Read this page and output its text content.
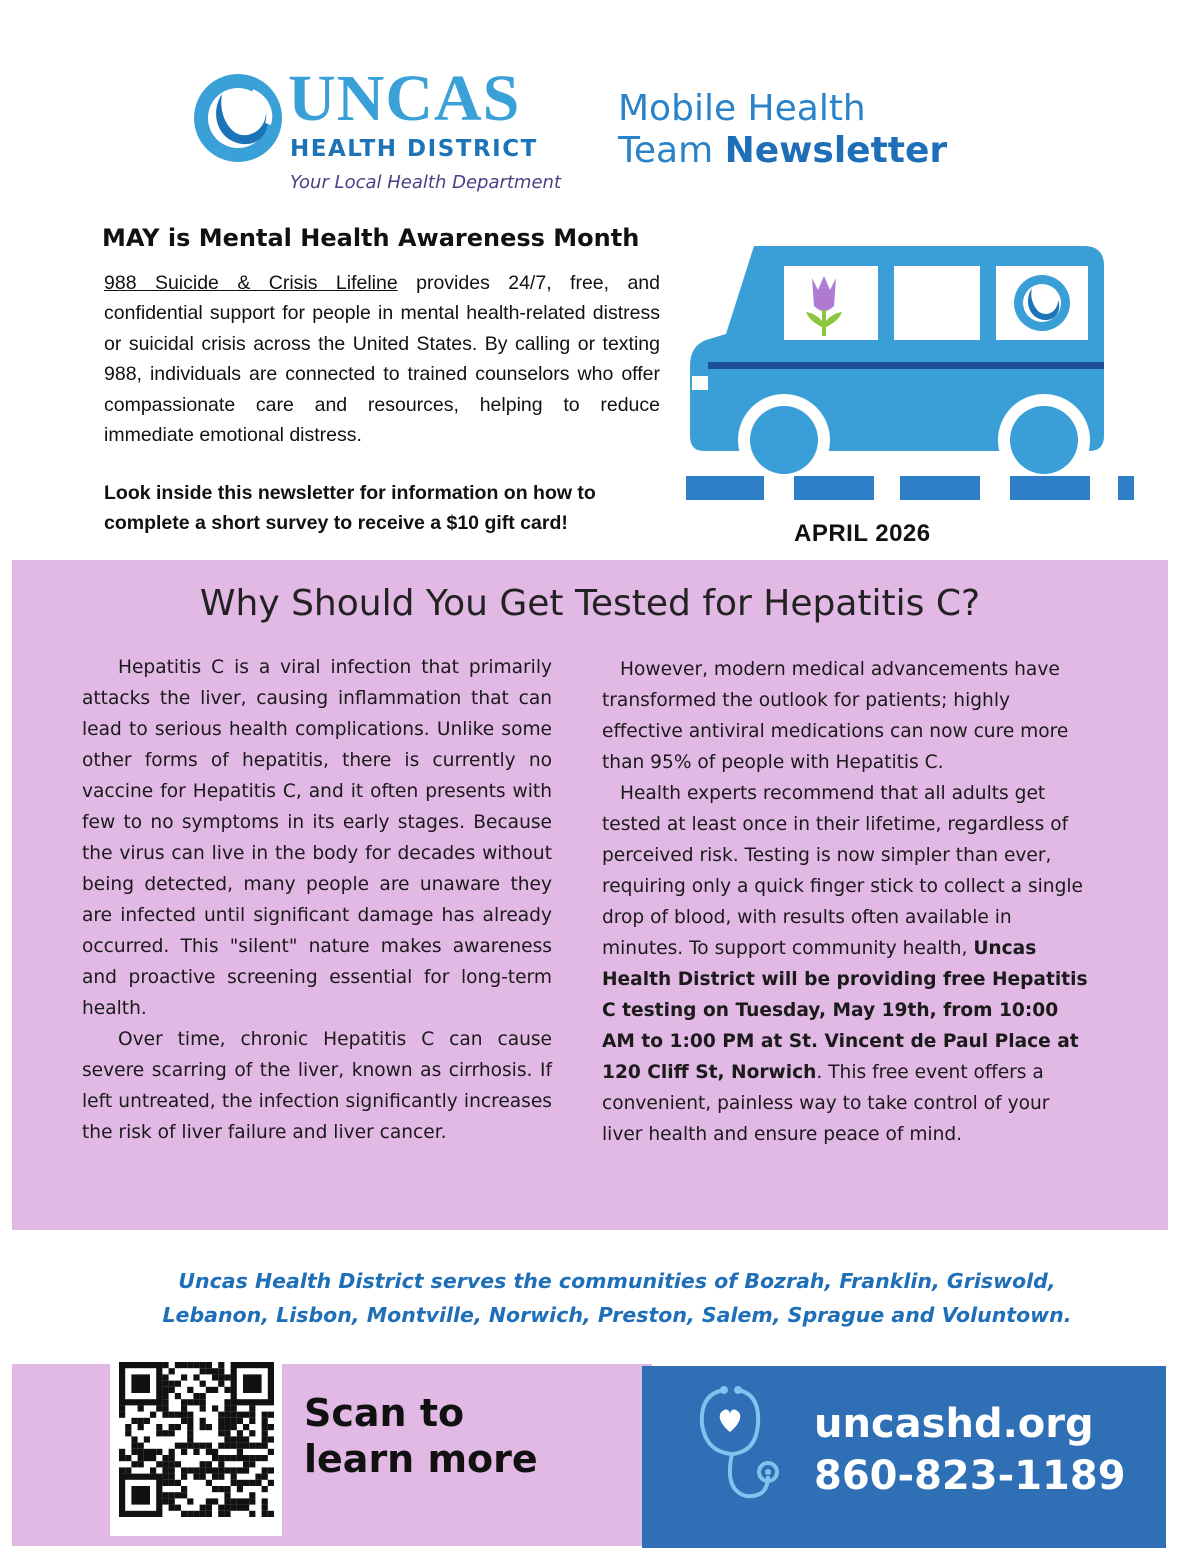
UNCAS
HEALTH DISTRICT
Your Local Health Department
Mobile Health
Team Newsletter
MAY is Mental Health Awareness Month

988 Suicide & Crisis Lifeline provides 24/7, free, and confidential support for people in mental health-related distress or suicidal crisis across the United States. By calling or texting 988, individuals are connected to trained counselors who offer compassionate care and resources, helping to reduce immediate emotional distress.

Look inside this newsletter for information on how to complete a short survey to receive a $10 gift card!	APRIL 2026
Why Should You Get Tested for Hepatitis C?

Hepatitis C is a viral infection that primarily attacks the liver, causing inflammation that can lead to serious health complications. Unlike some other forms of hepatitis, there is currently no vaccine for Hepatitis C, and it often presents with few to no symptoms in its early stages. Because the virus can live in the body for decades without being detected, many people are unaware they are infected until significant damage has already occurred. This "silent" nature makes awareness and proactive screening essential for long-term health.

Over time, chronic Hepatitis C can cause severe scarring of the liver, known as cirrhosis. If left untreated, the infection significantly increases the risk of liver failure and liver cancer.

However, modern medical advancements have transformed the outlook for patients; highly effective antiviral medications can now cure more than 95% of people with Hepatitis C.

Health experts recommend that all adults get tested at least once in their lifetime, regardless of perceived risk. Testing is now simpler than ever, requiring only a quick finger stick to collect a single drop of blood, with results often available in minutes. To support community health, Uncas Health District will be providing free Hepatitis C testing on Tuesday, May 19th, from 10:00 AM to 1:00 PM at St. Vincent de Paul Place at 120 Cliff St, Norwich. This free event offers a convenient, painless way to take control of your liver health and ensure peace of mind.

Uncas Health District serves the communities of Bozrah, Franklin, Griswold,
Lebanon, Lisbon, Montville, Norwich, Preston, Salem, Sprague and Voluntown.
Scan to
learn more
uncashd.org
860-823-1189
